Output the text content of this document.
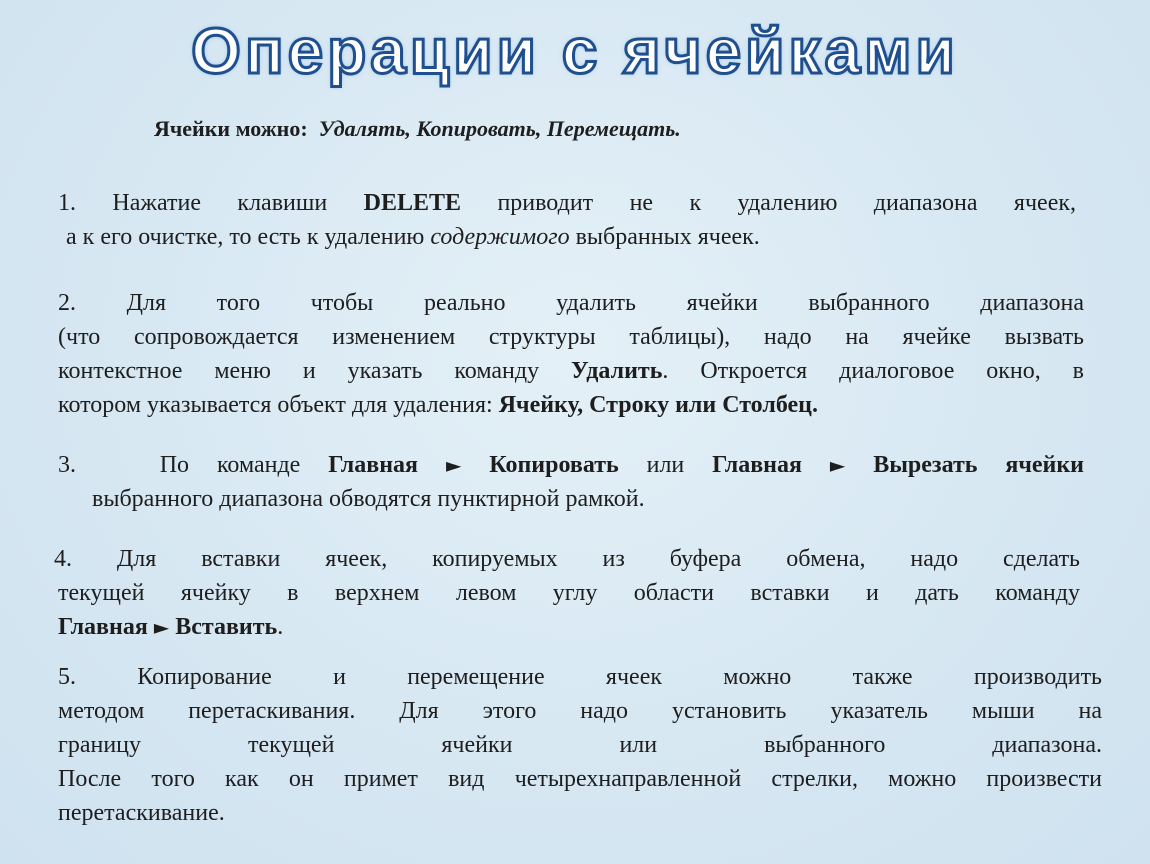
Операции с ячейками
Ячейки можно: Удалять, Копировать, Перемещать.
1. Нажатие клавиши DELETE приводит не к удалению диапазона ячеек,
а к его очистке, то есть к удалению содержимого выбранных ячеек.
2. Для того чтобы реально удалить ячейки выбранного диапазона
(что сопровождается изменением структуры таблицы), надо на ячейке вызвать
контекстное меню и указать команду Удалить. Откроется диалоговое окно, в
котором указывается объект для удаления: Ячейку, Строку или Столбец.
3.	По команде Главная ► Копировать или Главная ► Вырезать ячейки
выбранного диапазона обводятся пунктирной рамкой.
4. Для вставки ячеек, копируемых из буфера обмена, надо сделать
текущей ячейку в верхнем левом углу области вставки и дать команду
Главная ► Вставить.
5. Копирование и перемещение ячеек можно также производить
методом перетаскивания. Для этого надо установить указатель мыши на
границу текущей ячейки или выбранного диапазона.
После того как он примет вид четырехнаправленной стрелки, можно произвести
перетаскивание.
